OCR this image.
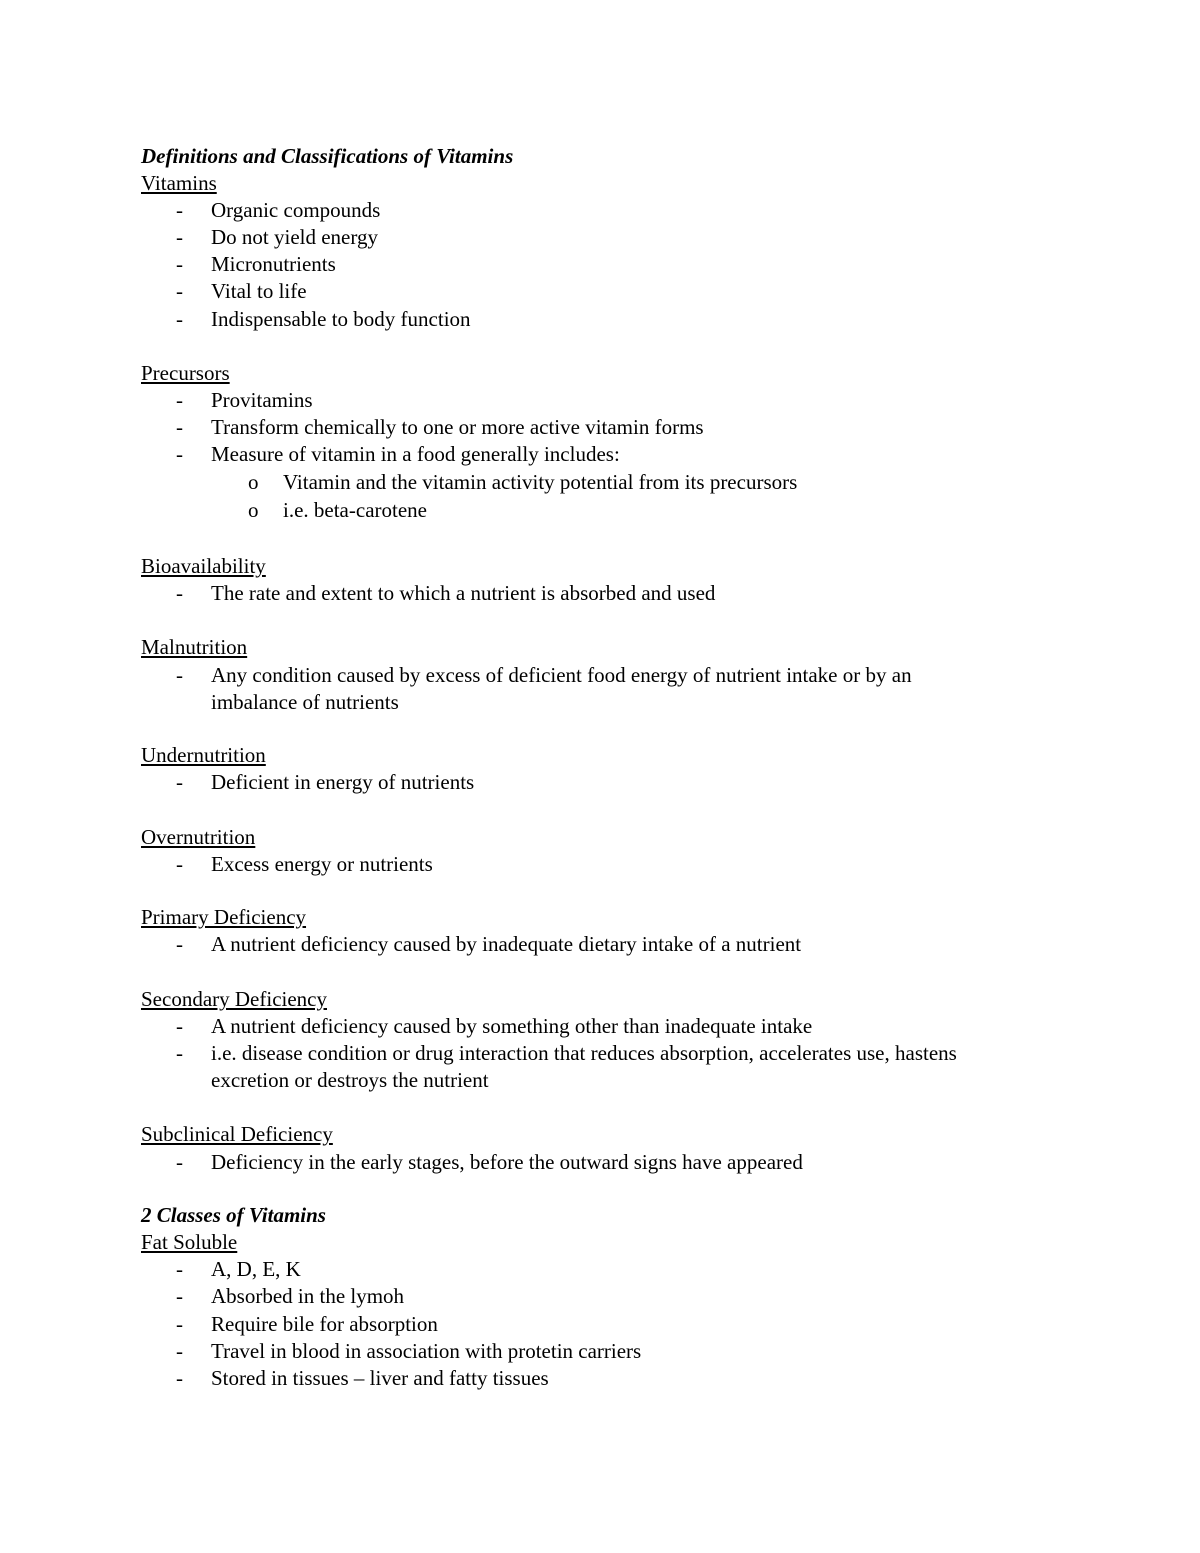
Definitions and Classifications of Vitamins

Vitamins

- Organic compounds
- Do not yield energy
- Micronutrients
- Vital to life
- Indispensable to body function

Precursors

- Provitamins
- Transform chemically to one or more active vitamin forms
- Measure of vitamin in a food generally includes:
o Vitamin and the vitamin activity potential from its precursors
o i.e. beta-carotene

Bioavailability

- The rate and extent to which a nutrient is absorbed and used

Malnutrition

- Any condition caused by excess of deficient food energy of nutrient intake or by an
imbalance of nutrients

Undernutrition

- Deficient in energy of nutrients

Overnutrition

- Excess energy or nutrients

Primary Deficiency

- A nutrient deficiency caused by inadequate dietary intake of a nutrient

Secondary Deficiency

- A nutrient deficiency caused by something other than inadequate intake
- i.e. disease condition or drug interaction that reduces absorption, accelerates use, hastens
excretion or destroys the nutrient

Subclinical Deficiency

- Deficiency in the early stages, before the outward signs have appeared

2 Classes of Vitamins

Fat Soluble

- A, D, E, K
- Absorbed in the lymoh
- Require bile for absorption
- Travel in blood in association with protetin carriers
- Stored in tissues – liver and fatty tissues
